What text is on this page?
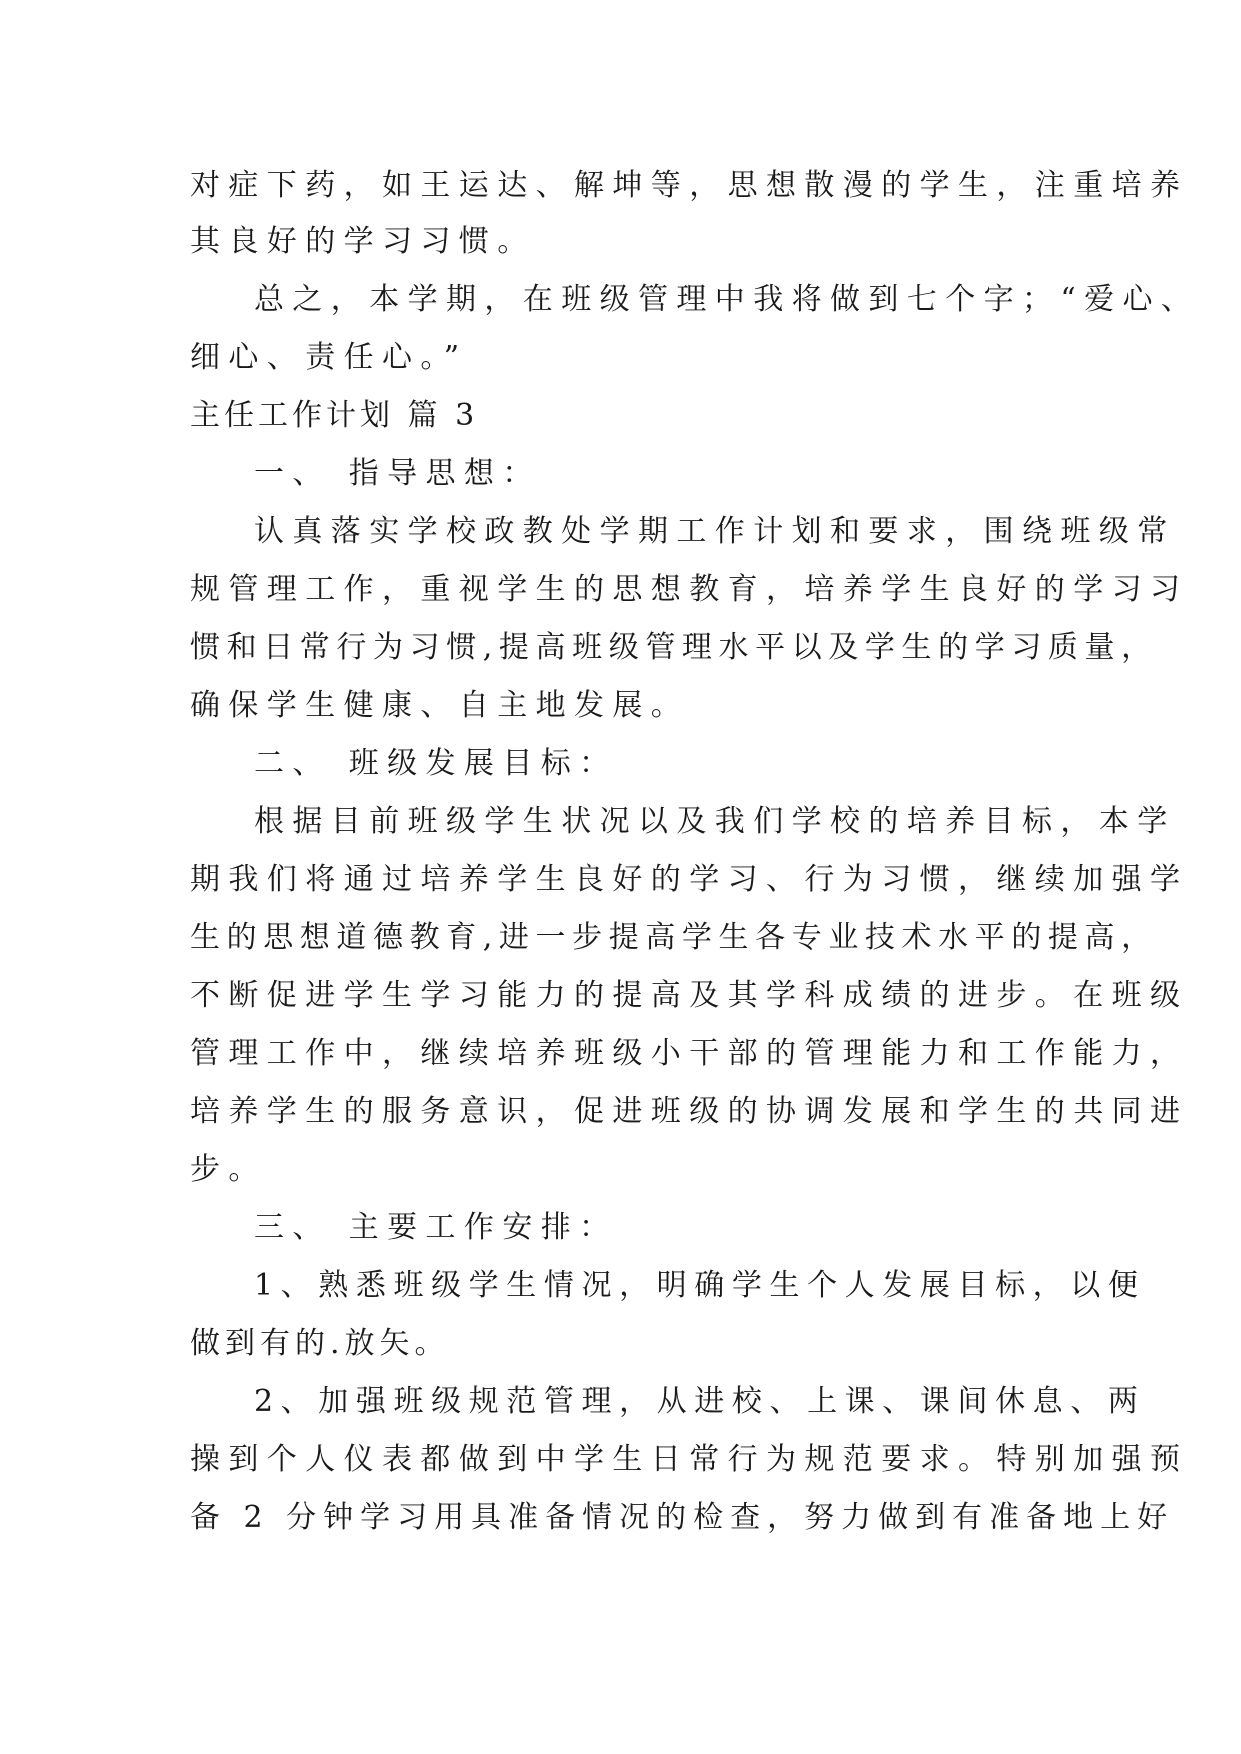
对症下药，如王运达、解坤等，思想散漫的学生，注重培养
其良好的学习习惯。
总之，本学期，在班级管理中我将做到七个字；“爱心、
细心、责任心。”
主任工作计划 篇 3
一、 指导思想：
认真落实学校政教处学期工作计划和要求，围绕班级常
规管理工作，重视学生的思想教育，培养学生良好的学习习
惯和日常行为习惯,提高班级管理水平以及学生的学习质量，
确保学生健康、自主地发展。
二、 班级发展目标：
根据目前班级学生状况以及我们学校的培养目标，本学
期我们将通过培养学生良好的学习、行为习惯，继续加强学
生的思想道德教育,进一步提高学生各专业技术水平的提高，
不断促进学生学习能力的提高及其学科成绩的进步。在班级
管理工作中，继续培养班级小干部的管理能力和工作能力，
培养学生的服务意识，促进班级的协调发展和学生的共同进
步。
三、 主要工作安排：
1、熟悉班级学生情况，明确学生个人发展目标，以便
做到有的.放矢。
2、加强班级规范管理，从进校、上课、课间休息、两
操到个人仪表都做到中学生日常行为规范要求。特别加强预
备 2 分钟学习用具准备情况的检查，努力做到有准备地上好
